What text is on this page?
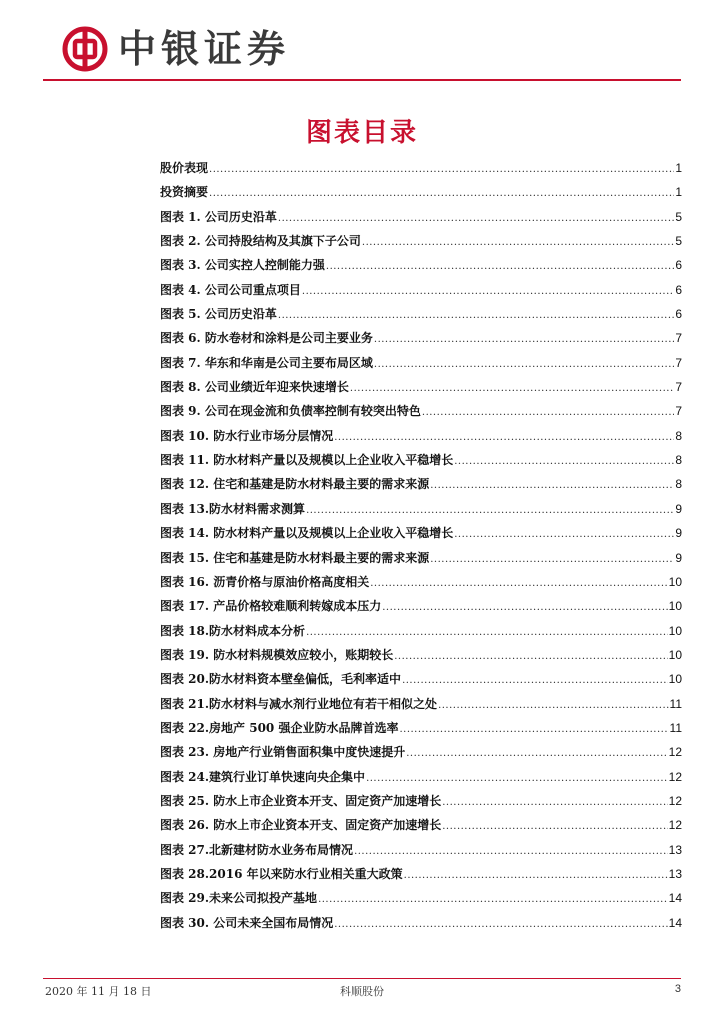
中银证券
图表目录
股价表现 .....	1
投资摘要 .....	1
图表 1. 公司历史沿革 .....	5
图表 2. 公司持股结构及其旗下子公司 .....	5
图表 3. 公司实控人控制能力强 .....	6
图表 4. 公司公司重点项目 .....	6
图表 5. 公司历史沿革 .....	6
图表 6. 防水卷材和涂料是公司主要业务 .....	7
图表 7. 华东和华南是公司主要布局区域 .....	7
图表 8. 公司业绩近年迎来快速增长 .....	7
图表 9. 公司在现金流和负债率控制有较突出特色 .....	7
图表 10. 防水行业市场分层情况 .....	8
图表 11. 防水材料产量以及规模以上企业收入平稳增长 .....	8
图表 12. 住宅和基建是防水材料最主要的需求来源 .....	8
图表 13.防水材料需求测算 .....	9
图表 14. 防水材料产量以及规模以上企业收入平稳增长 .....	9
图表 15. 住宅和基建是防水材料最主要的需求来源 .....	9
图表 16. 沥青价格与原油价格高度相关 .....	10
图表 17. 产品价格较难顺利转嫁成本压力 .....	10
图表 18.防水材料成本分析 .....	10
图表 19. 防水材料规模效应较小，账期较长 .....	10
图表 20.防水材料资本壁垒偏低，毛利率适中 .....	10
图表 21.防水材料与减水剂行业地位有若干相似之处 .....	11
图表 22.房地产 500 强企业防水品牌首选率 .....	11
图表 23. 房地产行业销售面积集中度快速提升 .....	12
图表 24.建筑行业订单快速向央企集中 .....	12
图表 25. 防水上市企业资本开支、固定资产加速增长 .....	12
图表 26. 防水上市企业资本开支、固定资产加速增长 .....	12
图表 27.北新建材防水业务布局情况 .....	13
图表 28.2016 年以来防水行业相关重大政策 .....	13
图表 29.未来公司拟投产基地 .....	14
图表 30. 公司未来全国布局情况 .....	14
2020 年 11 月 18 日	科顺股份	3
